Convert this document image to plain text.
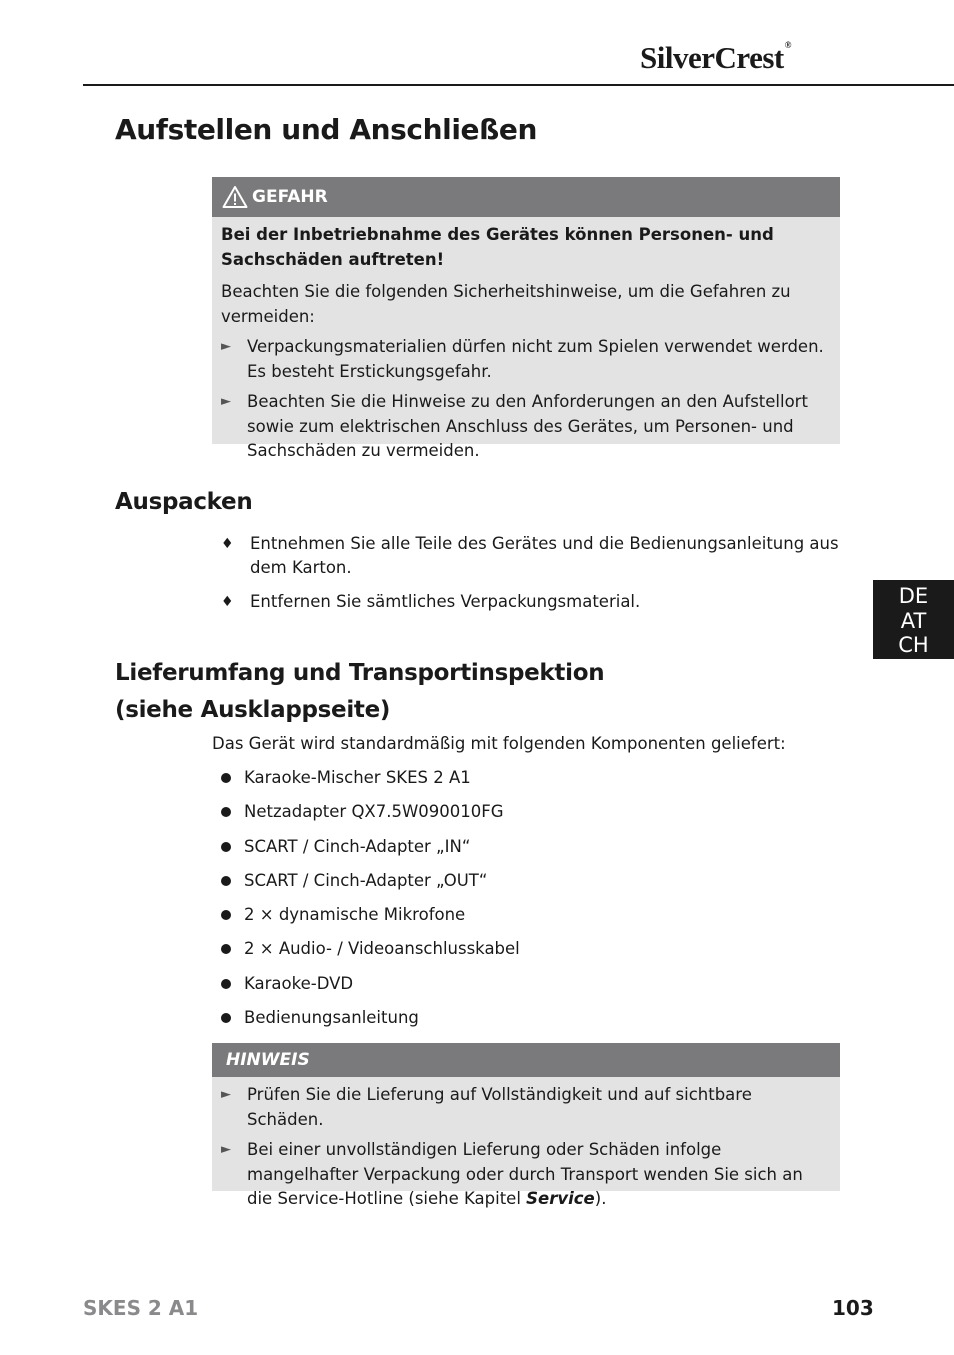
SilverCrest®
Aufstellen und Anschließen
GEFAHR

Bei der Inbetriebnahme des Gerätes können Personen- und Sachschäden auftreten!

Beachten Sie die folgenden Sicherheitshinweise, um die Gefahren zu vermeiden:

► Verpackungsmaterialien dürfen nicht zum Spielen verwendet werden.
Es besteht Erstickungsgefahr.
► Beachten Sie die Hinweise zu den Anforderungen an den Aufstellort sowie zum elektrischen Anschluss des Gerätes, um Personen- und Sachschäden zu vermeiden.
Auspacken
♦ Entnehmen Sie alle Teile des Gerätes und die Bedienungsanleitung aus dem Karton.
♦ Entfernen Sie sämtliches Verpackungsmaterial.
Lieferumfang und Transportinspektion
(siehe Ausklappseite)
Das Gerät wird standardmäßig mit folgenden Komponenten geliefert:
Karaoke-Mischer SKES 2 A1
Netzadapter QX7.5W090010FG
SCART / Cinch-Adapter „IN“
SCART / Cinch-Adapter „OUT“
2 × dynamische Mikrofone
2 × Audio- / Videoanschlusskabel
Karaoke-DVD
Bedienungsanleitung
HINWEIS
► Prüfen Sie die Lieferung auf Vollständigkeit und auf sichtbare Schäden.
► Bei einer unvollständigen Lieferung oder Schäden infolge mangelhafter Verpackung oder durch Transport wenden Sie sich an die Service-Hotline (siehe Kapitel Service).
DE
AT
CH
SKES 2 A1	103
